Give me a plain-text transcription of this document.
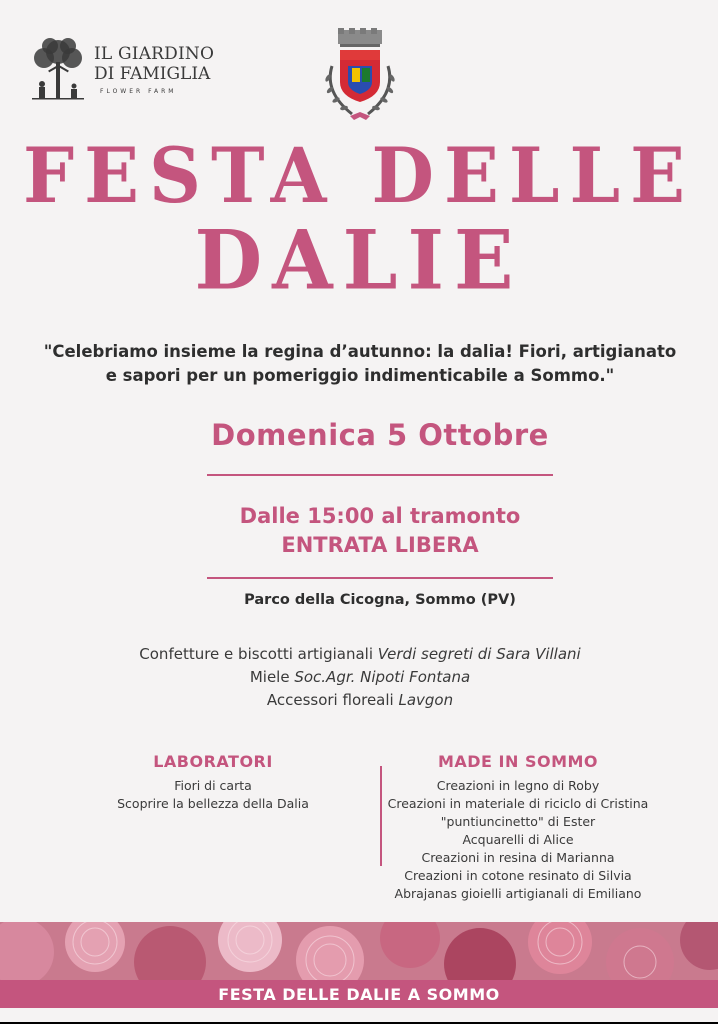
IL GIARDINO
DI FAMIGLIA
FLOWER FARM
FESTA DELLE
DALIE
"Celebriamo insieme la regina d’autunno: la dalia! Fiori, artigianato
e sapori per un pomeriggio indimenticabile a Sommo."
Domenica 5 Ottobre
Dalle 15:00 al tramonto
ENTRATA LIBERA
Parco della Cicogna, Sommo (PV)
Confetture e biscotti artigianali Verdi segreti di Sara Villani
Miele Soc.Agr. Nipoti Fontana
Accessori floreali Lavgon
LABORATORI
Fiori di carta
Scoprire la bellezza della Dalia
MADE IN SOMMO
Creazioni in legno di Roby
Creazioni in materiale di riciclo di Cristina
"puntiuncinetto" di Ester
Acquarelli di Alice
Creazioni in resina di Marianna
Creazioni in cotone resinato di Silvia
Abrajanas gioielli artigianali di Emiliano
FESTA DELLE DALIE A SOMMO
